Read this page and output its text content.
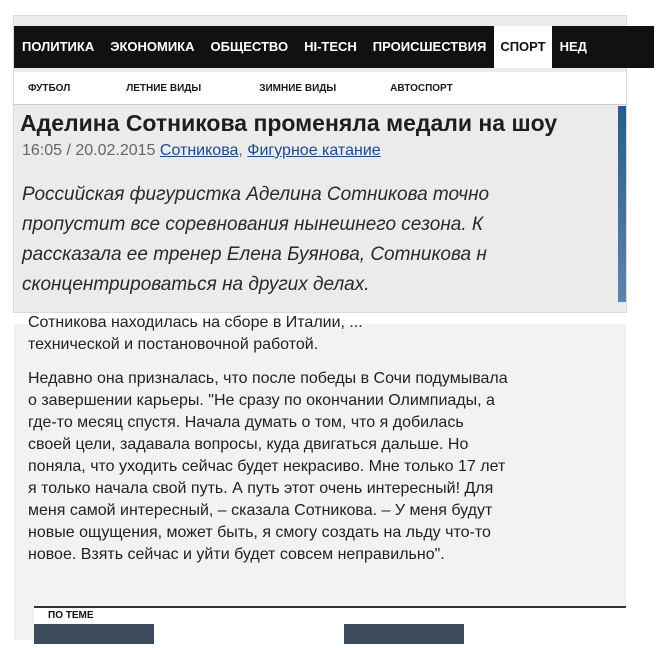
ПОЛИТИКА ЭКОНОМИКА ОБЩЕСТВО HI-TECH ПРОИСШЕСТВИЯ СПОРТ НЕД
ФУТБОЛ	ЛЕТНИЕ ВИДЫ	ЗИМНИЕ ВИДЫ	АВТОСПОРТ
Аделина Сотникова променяла медали на шоу
16:05 / 20.02.2015 Сотникова, Фигурное катание
Российская фигуристка Аделина Сотникова точно
пропустит все соревнования нынешнего сезона. К
рассказала ее тренер Елена Буянова, Сотникова н
сконцентрироваться на других делах.
Сотникова находилась на сборе в Италии, ...
технической и постановочной работой.
Недавно она призналась, что после победы в Сочи подумывала
о завершении карьеры. "Не сразу по окончании Олимпиады, а
где-то месяц спустя. Начала думать о том, что я добилась
своей цели, задавала вопросы, куда двигаться дальше. Но
поняла, что уходить сейчас будет некрасиво. Мне только 17 лет
я только начала свой путь. А путь этот очень интересный! Для
меня самой интересный, – сказала Сотникова. – У меня будут
новые ощущения, может быть, я смогу создать на льду что-то
новое. Взять сейчас и уйти будет совсем неправильно".
ПО ТЕМЕ
